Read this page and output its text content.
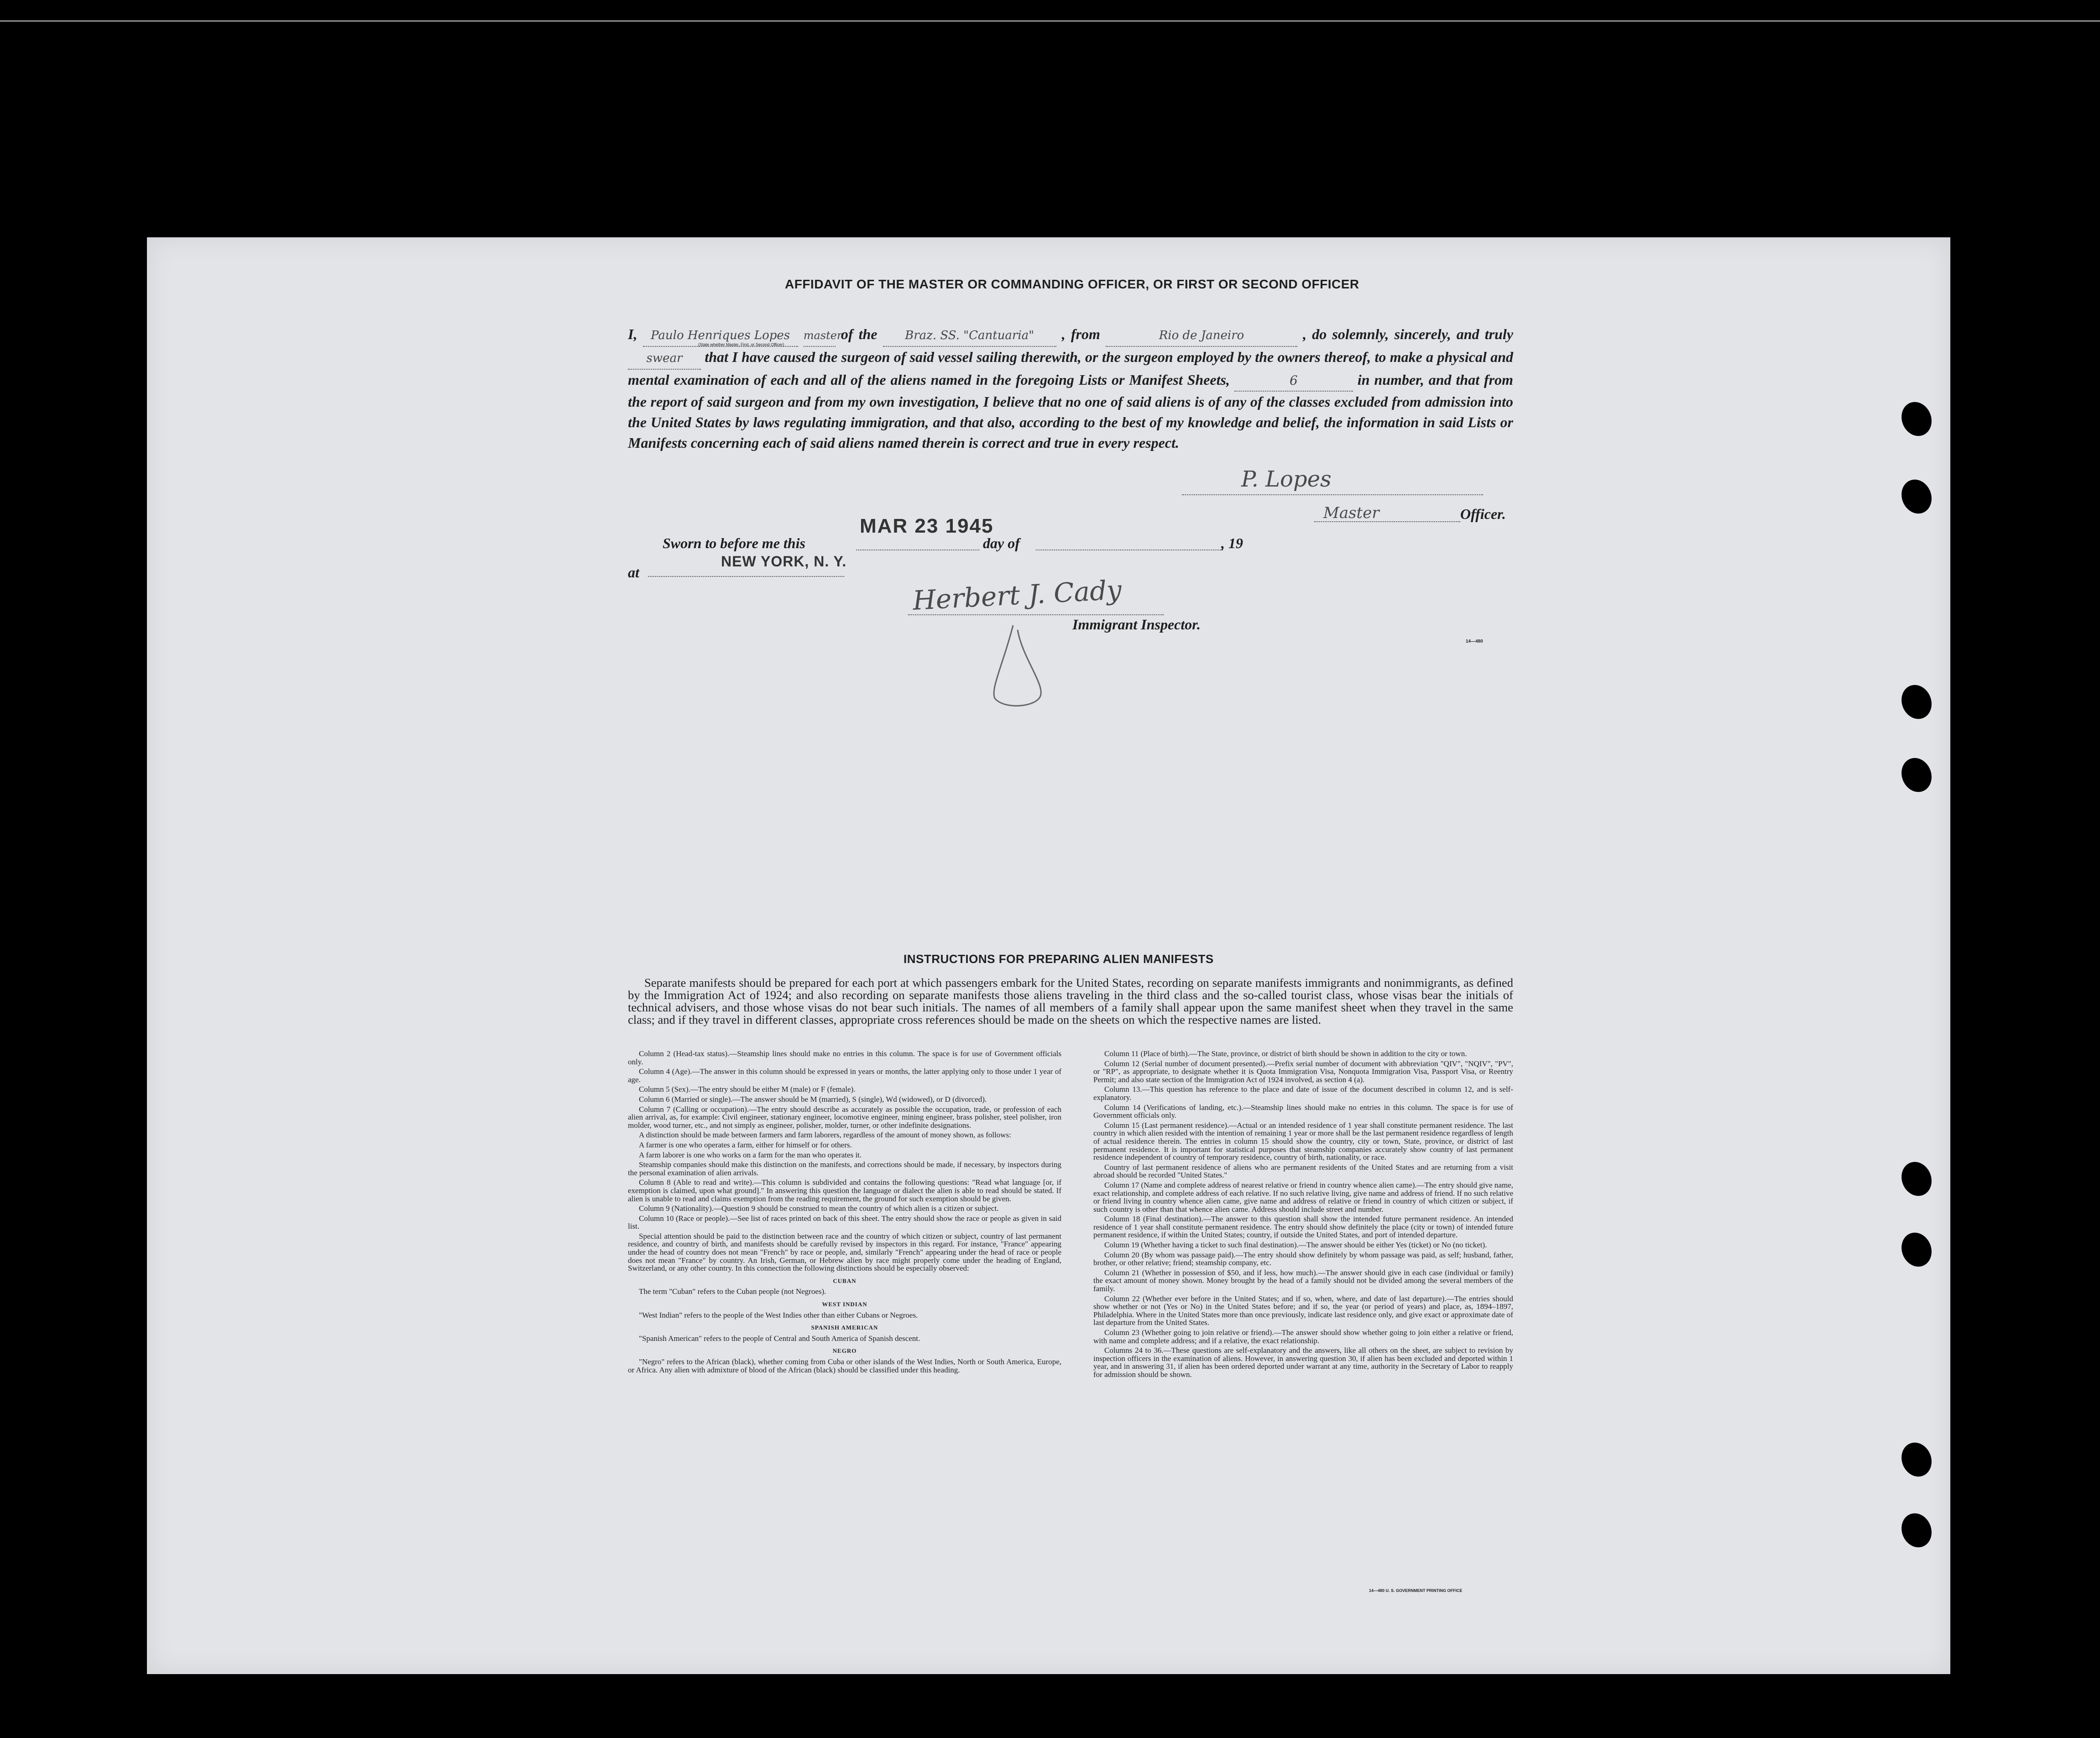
AFFIDAVIT OF THE MASTER OR COMMANDING OFFICER, OR FIRST OR SECOND OFFICER
I, Paulo Henriques Lopes master of the Braz. SS. "Cantuaria" , from	Rio de Janeiro	, do solemnly, sincerely, and truly swear that I have caused the surgeon of said vessel sailing therewith, or the surgeon employed by the owners thereof, to make a physical and mental examination of each and all of the aliens named in the foregoing Lists or Manifest Sheets,	6	in number, and that from the report of said surgeon and from my own investigation, I believe that no one of said aliens is of any of the classes excluded from admission into the United States by laws regulating immigration, and that also, according to the best of my knowledge and belief, the information in said Lists or Manifests concerning each of said aliens named therein is correct and true in every respect.
(State whether Master, First, or Second Officer)
P. Lopes
Master	Officer.
Sworn to before me this
MAR 23 1945
day of	, 19
at
NEW YORK, N. Y.
Herbert J. Cady
Immigrant Inspector.
14—480
INSTRUCTIONS FOR PREPARING ALIEN MANIFESTS
Separate manifests should be prepared for each port at which passengers embark for the United States, recording on separate manifests immigrants and nonimmigrants, as defined by the Immigration Act of 1924; and also recording on separate manifests those aliens traveling in the third class and the so-called tourist class, whose visas bear the initials of technical advisers, and those whose visas do not bear such initials. The names of all members of a family shall appear upon the same manifest sheet when they travel in the same class; and if they travel in different classes, appropriate cross references should be made on the sheets on which the respective names are listed.

Column 2 (Head-tax status).—Steamship lines should make no entries in this column. The space is for use of Government officials only.

Column 4 (Age).—The answer in this column should be expressed in years or months, the latter applying only to those under 1 year of age.

Column 5 (Sex).—The entry should be either M (male) or F (female).

Column 6 (Married or single).—The answer should be M (married), S (single), Wd (widowed), or D (divorced).

Column 7 (Calling or occupation).—The entry should describe as accurately as possible the occupation, trade, or profession of each alien arrival, as, for example: Civil engineer, stationary engineer, locomotive engineer, mining engineer, brass polisher, steel polisher, iron molder, wood turner, etc., and not simply as engineer, polisher, molder, turner, or other indefinite designations.

A distinction should be made between farmers and farm laborers, regardless of the amount of money shown, as follows:

A farmer is one who operates a farm, either for himself or for others.

A farm laborer is one who works on a farm for the man who operates it.

Steamship companies should make this distinction on the manifests, and corrections should be made, if necessary, by inspectors during the personal examination of alien arrivals.

Column 8 (Able to read and write).—This column is subdivided and contains the following questions: "Read what language [or, if exemption is claimed, upon what ground]." In answering this question the language or dialect the alien is able to read should be stated. If alien is unable to read and claims exemption from the reading requirement, the ground for such exemption should be given.

Column 9 (Nationality).—Question 9 should be construed to mean the country of which alien is a citizen or subject.

Column 10 (Race or people).—See list of races printed on back of this sheet. The entry should show the race or people as given in said list.

Special attention should be paid to the distinction between race and the country of which citizen or subject, country of last permanent residence, and country of birth, and manifests should be carefully revised by inspectors in this regard. For instance, "France" appearing under the head of country does not mean "French" by race or people, and, similarly "French" appearing under the head of race or people does not mean "France" by country. An Irish, German, or Hebrew alien by race might properly come under the heading of England, Switzerland, or any other country. In this connection the following distinctions should be especially observed:

CUBAN

The term "Cuban" refers to the Cuban people (not Negroes).

WEST INDIAN

"West Indian" refers to the people of the West Indies other than either Cubans or Negroes.

SPANISH AMERICAN

"Spanish American" refers to the people of Central and South America of Spanish descent.

NEGRO

"Negro" refers to the African (black), whether coming from Cuba or other islands of the West Indies, North or South America, Europe, or Africa. Any alien with admixture of blood of the African (black) should be classified under this heading.

Column 11 (Place of birth).—The State, province, or district of birth should be shown in addition to the city or town.

Column 12 (Serial number of document presented).—Prefix serial number of document with abbreviation "QIV", "NQIV", "PV", or "RP", as appropriate, to designate whether it is Quota Immigration Visa, Nonquota Immigration Visa, Passport Visa, or Reentry Permit; and also state section of the Immigration Act of 1924 involved, as section 4 (a).

Column 13.—This question has reference to the place and date of issue of the document described in column 12, and is self-explanatory.

Column 14 (Verifications of landing, etc.).—Steamship lines should make no entries in this column. The space is for use of Government officials only.

Column 15 (Last permanent residence).—Actual or an intended residence of 1 year shall constitute permanent residence. The last country in which alien resided with the intention of remaining 1 year or more shall be the last permanent residence regardless of length of actual residence therein. The entries in column 15 should show the country, city or town, State, province, or district of last permanent residence. It is important for statistical purposes that steamship companies accurately show country of last permanent residence independent of country of temporary residence, country of birth, nationality, or race.

Country of last permanent residence of aliens who are permanent residents of the United States and are returning from a visit abroad should be recorded "United States."

Column 17 (Name and complete address of nearest relative or friend in country whence alien came).—The entry should give name, exact relationship, and complete address of each relative. If no such relative living, give name and address of friend. If no such relative or friend living in country whence alien came, give name and address of relative or friend in country of which citizen or subject, if such country is other than that whence alien came. Address should include street and number.

Column 18 (Final destination).—The answer to this question shall show the intended future permanent residence. An intended residence of 1 year shall constitute permanent residence. The entry should show definitely the place (city or town) of intended future permanent residence, if within the United States; country, if outside the United States, and port of intended departure.

Column 19 (Whether having a ticket to such final destination).—The answer should be either Yes (ticket) or No (no ticket).

Column 20 (By whom was passage paid).—The entry should show definitely by whom passage was paid, as self; husband, father, brother, or other relative; friend; steamship company, etc.

Column 21 (Whether in possession of $50, and if less, how much).—The answer should give in each case (individual or family) the exact amount of money shown. Money brought by the head of a family should not be divided among the several members of the family.

Column 22 (Whether ever before in the United States; and if so, when, where, and date of last departure).—The entries should show whether or not (Yes or No) in the United States before; and if so, the year (or period of years) and place, as, 1894–1897, Philadelphia. Where in the United States more than once previously, indicate last residence only, and give exact or approximate date of last departure from the United States.

Column 23 (Whether going to join relative or friend).—The answer should show whether going to join either a relative or friend, with name and complete address; and if a relative, the exact relationship.

Columns 24 to 36.—These questions are self-explanatory and the answers, like all others on the sheet, are subject to revision by inspection officers in the examination of aliens. However, in answering question 30, if alien has been excluded and deported within 1 year, and in answering 31, if alien has been ordered deported under warrant at any time, authority in the Secretary of Labor to reapply for admission should be shown.

14—480 U. S. GOVERNMENT PRINTING OFFICE
